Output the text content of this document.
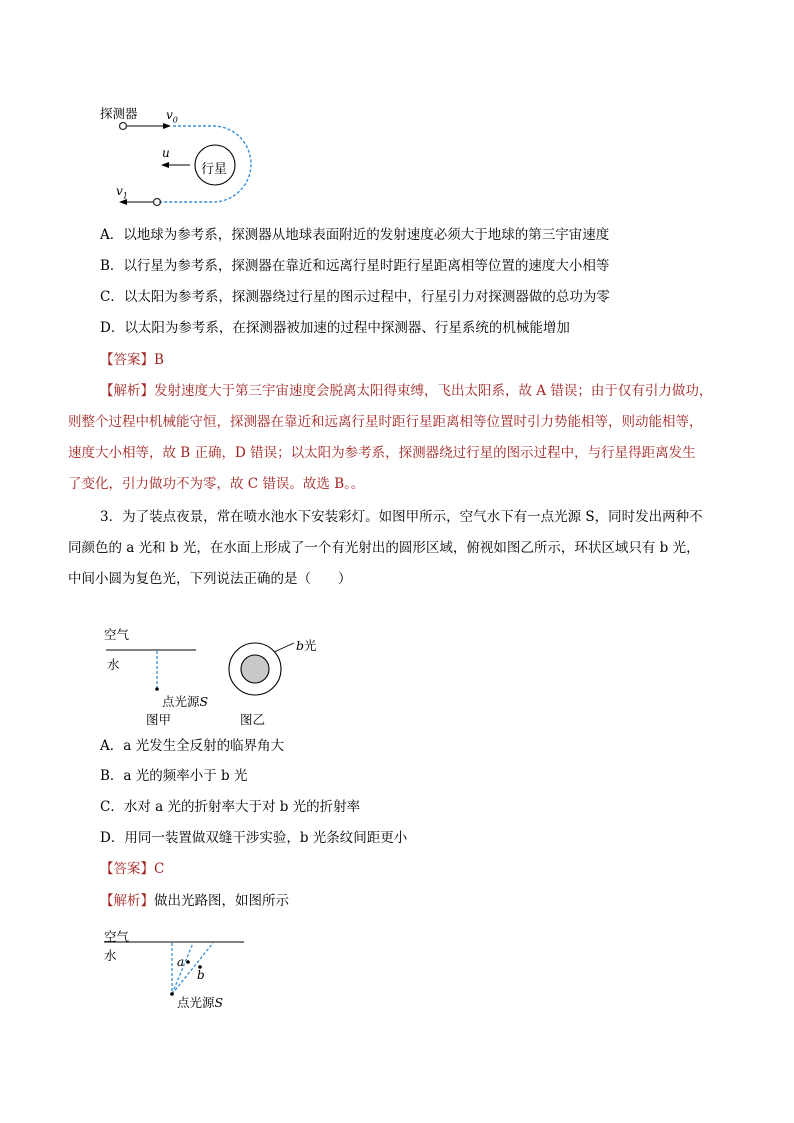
探测器 $v_0$
u
行星
$v_1$
A．以地球为参考系，探测器从地球表面附近的发射速度必须大于地球的第三宇宙速度
B．以行星为参考系，探测器在靠近和远离行星时距行星距离相等位置的速度大小相等
C．以太阳为参考系，探测器绕过行星的图示过程中，行星引力对探测器做的总功为零
D．以太阳为参考系，在探测器被加速的过程中探测器、行星系统的机械能增加
【答案】B
【解析】发射速度大于第三宇宙速度会脱离太阳得束缚，飞出太阳系，故 A 错误；由于仅有引力做功，
则整个过程中机械能守恒，探测器在靠近和远离行星时距行星距离相等位置时引力势能相等，则动能相等，
速度大小相等，故 B 正确，D 错误；以太阳为参考系，探测器绕过行星的图示过程中，与行星得距离发生
了变化，引力做功不为零，故 C 错误。故选 B。。
3．为了装点夜景，常在喷水池水下安装彩灯。如图甲所示，空气水下有一点光源 S，同时发出两种不
同颜色的 a 光和 b 光，在水面上形成了一个有光射出的圆形区域，俯视如图乙所示，环状区域只有 b 光，
中间小圆为复色光，下列说法正确的是（　　）
空气
水
点光源S
图甲	图乙
b光
A．a 光发生全反射的临界角大
B．a 光的频率小于 b 光
C．水对 a 光的折射率大于对 b 光的折射率
D．用同一装置做双缝干涉实验，b 光条纹间距更小
【答案】C
【解析】做出光路图，如图所示
空气
水	a
b
点光源S
